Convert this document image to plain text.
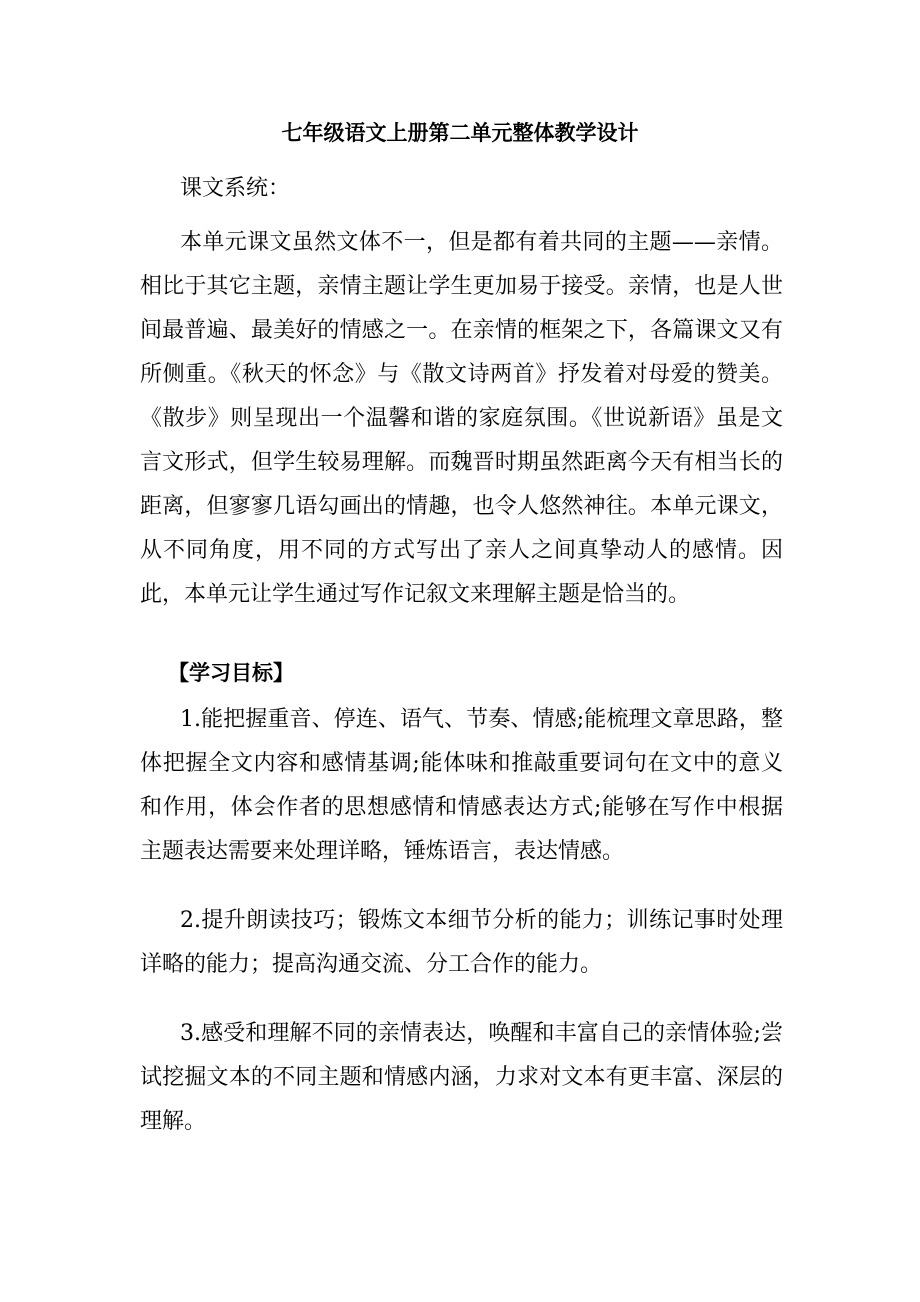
七年级语文上册第二单元整体教学设计

课文系统：

本单元课文虽然文体不一，但是都有着共同的主题——亲情。相比于其它主题，亲情主题让学生更加易于接受。亲情，也是人世间最普遍、最美好的情感之一。在亲情的框架之下，各篇课文又有所侧重。《秋天的怀念》与《散文诗两首》抒发着对母爱的赞美。《散步》则呈现出一个温馨和谐的家庭氛围。《世说新语》虽是文言文形式，但学生较易理解。而魏晋时期虽然距离今天有相当长的距离，但寥寥几语勾画出的情趣，也令人悠然神往。本单元课文，从不同角度，用不同的方式写出了亲人之间真挚动人的感情。因此，本单元让学生通过写作记叙文来理解主题是恰当的。

【学习目标】

1.能把握重音、停连、语气、节奏、情感;能梳理文章思路，整体把握全文内容和感情基调;能体味和推敲重要词句在文中的意义和作用，体会作者的思想感情和情感表达方式;能够在写作中根据主题表达需要来处理详略，锤炼语言，表达情感。

2.提升朗读技巧；锻炼文本细节分析的能力；训练记事时处理详略的能力；提高沟通交流、分工合作的能力。

3.感受和理解不同的亲情表达，唤醒和丰富自己的亲情体验;尝试挖掘文本的不同主题和情感内涵，力求对文本有更丰富、深层的理解。
